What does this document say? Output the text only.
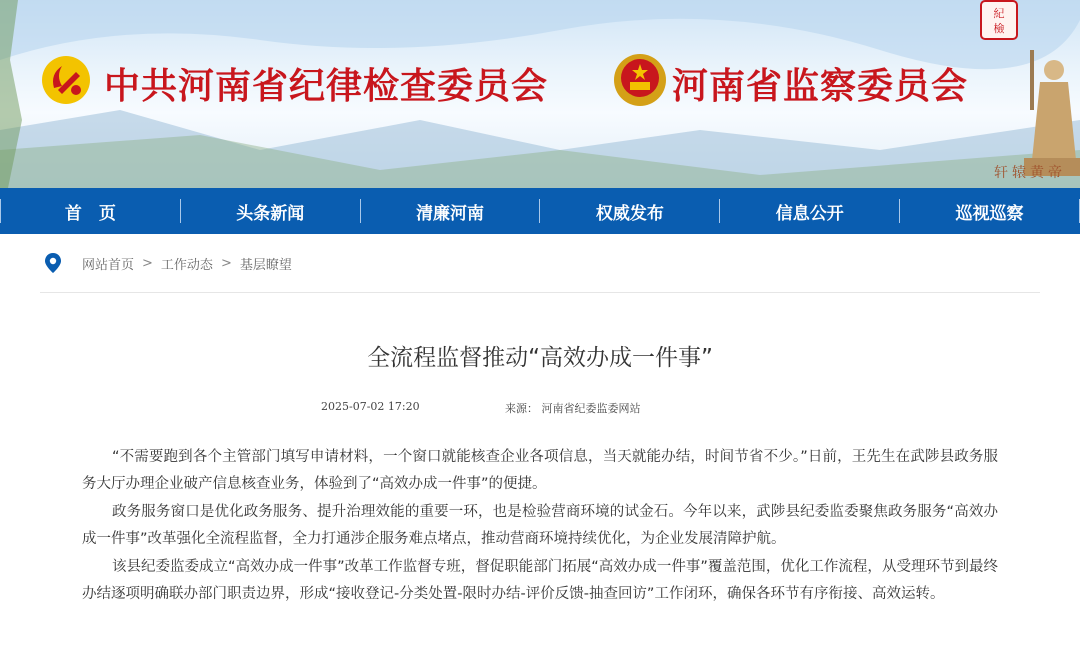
中共河南省纪律检查委员会	河南省监察委员会
紀
檢
轩辕黄帝
首　页	头条新闻	清廉河南	权威发布	信息公开	巡视巡察
网站首页 > 工作动态 > 基层瞭望
全流程监督推动“高效办成一件事”
2025-07-02 17:20	来源： 河南省纪委监委网站

“不需要跑到各个主管部门填写申请材料，一个窗口就能核查企业各项信息，当天就能办结，时间节省不少。”日前，王先生在武陟县政务服务大厅办理企业破产信息核查业务，体验到了“高效办成一件事”的便捷。

政务服务窗口是优化政务服务、提升治理效能的重要一环，也是检验营商环境的试金石。今年以来，武陟县纪委监委聚焦政务服务“高效办成一件事”改革强化全流程监督，全力打通涉企服务难点堵点，推动营商环境持续优化，为企业发展清障护航。

该县纪委监委成立“高效办成一件事”改革工作监督专班，督促职能部门拓展“高效办成一件事”覆盖范围，优化工作流程，从受理环节到最终办结逐项明确联办部门职责边界，形成“接收登记-分类处置-限时办结-评价反馈-抽查回访”工作闭环，确保各环节有序衔接、高效运转。
